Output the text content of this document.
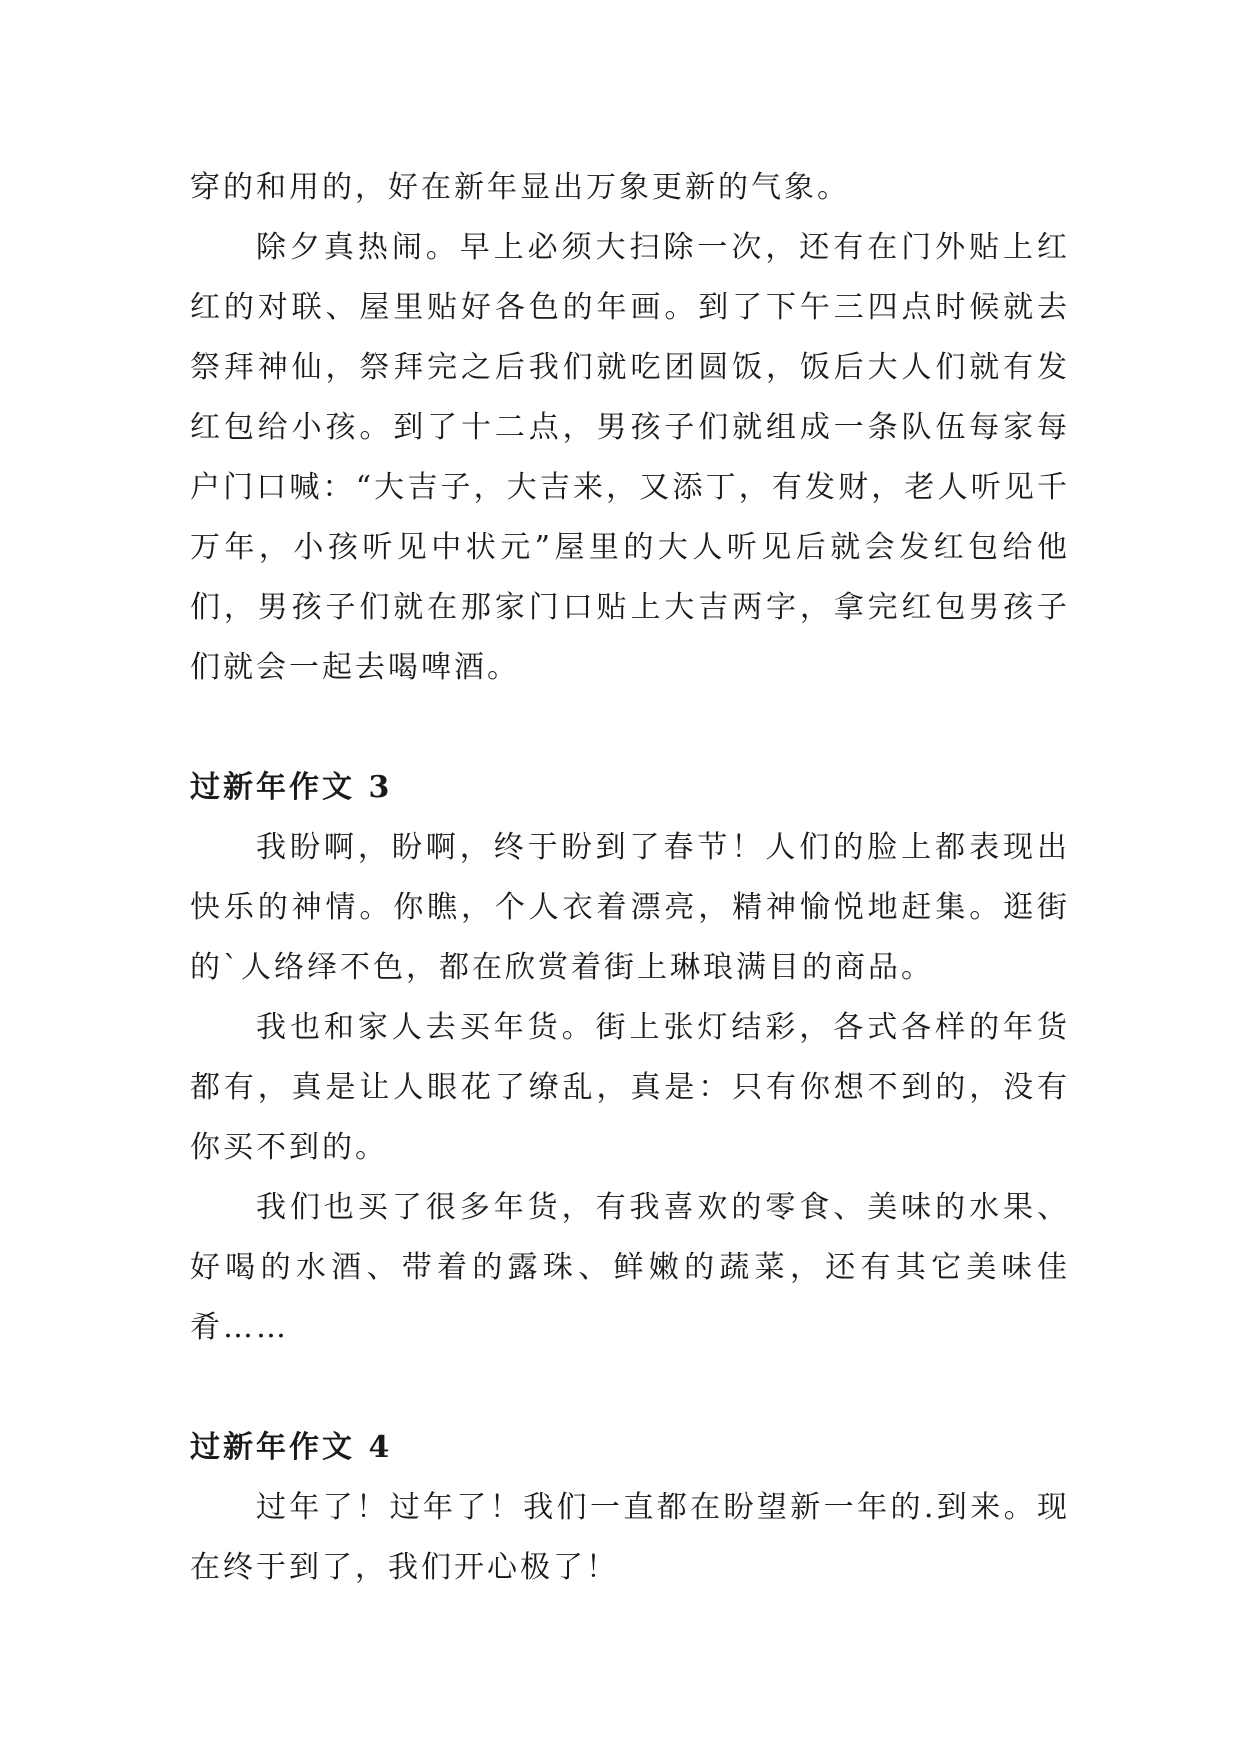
穿的和用的，好在新年显出万象更新的气象。

除夕真热闹。早上必须大扫除一次，还有在门外贴上红红的对联、屋里贴好各色的年画。到了下午三四点时候就去祭拜神仙，祭拜完之后我们就吃团圆饭，饭后大人们就有发红包给小孩。到了十二点，男孩子们就组成一条队伍每家每户门口喊：“大吉子，大吉来，又添丁，有发财，老人听见千万年，小孩听见中状元”屋里的大人听见后就会发红包给他们，男孩子们就在那家门口贴上大吉两字，拿完红包男孩子们就会一起去喝啤酒。

过新年作文 3

我盼啊，盼啊，终于盼到了春节！人们的脸上都表现出快乐的神情。你瞧，个人衣着漂亮，精神愉悦地赶集。逛街的`人络绎不色，都在欣赏着街上琳琅满目的商品。

我也和家人去买年货。街上张灯结彩，各式各样的年货都有，真是让人眼花了缭乱，真是：只有你想不到的，没有你买不到的。

我们也买了很多年货，有我喜欢的零食、美味的水果、好喝的水酒、带着的露珠、鲜嫩的蔬菜，还有其它美味佳肴……

过新年作文 4

过年了！过年了！我们一直都在盼望新一年的.到来。现在终于到了，我们开心极了！
